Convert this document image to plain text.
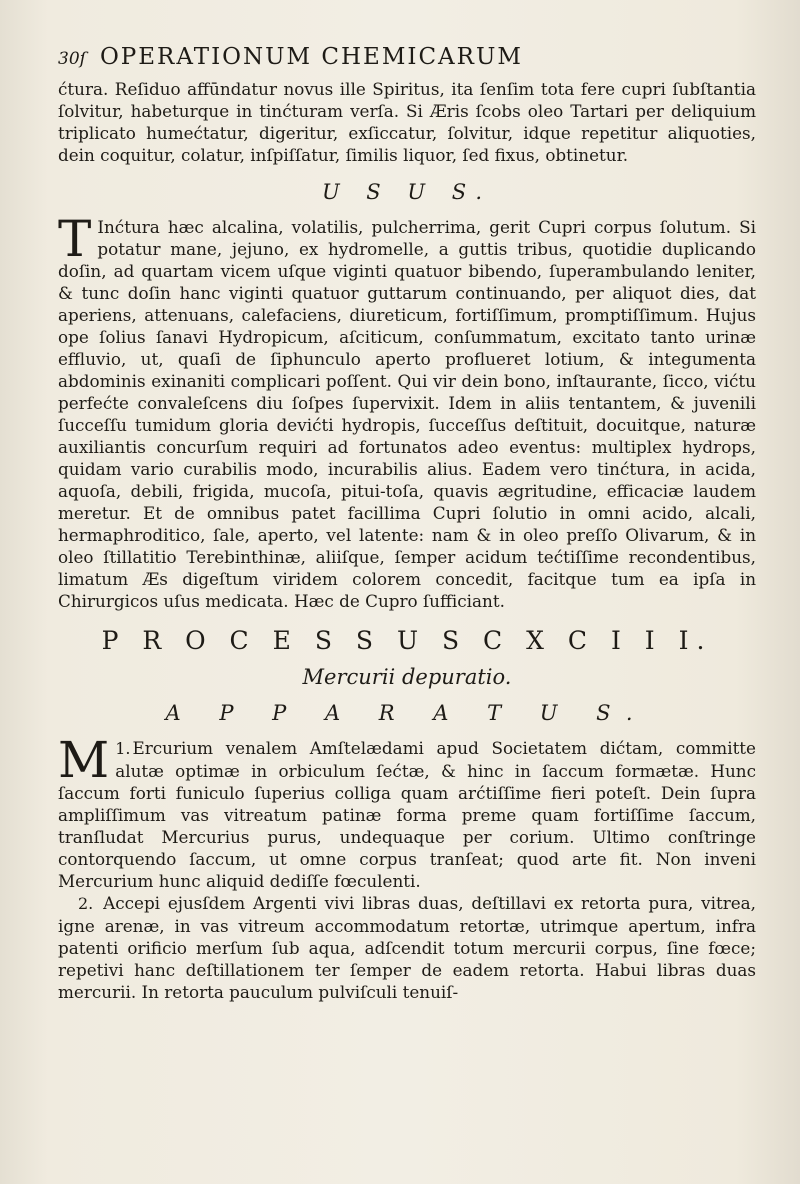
30ſ OPERATIONUM CHEMICARUM

ćtura. Reſiduo affūndatur novus ille Spiritus, ita ſenſim tota fere cupri ſubſtantia ſolvitur, habeturque in tinćturam verſa. Si Æris ſcobs oleo Tartari per deliquium triplicato humećtatur, digeritur, exſiccatur, ſolvitur, idque repetitur aliquoties, dein coquitur, colatur, inſpiſſatur, ſimilis liquor, ſed fixus, obtinetur.

U S U S.

T Inćtura hæc alcalina, volatilis, pulcherrima, gerit Cupri corpus ſolutum. Si potatur mane, jejuno, ex hydromelle, a guttis tribus, quotidie duplicando doſin, ad quartam vicem uſque viginti quatuor bibendo, ſuperambulando leniter, & tunc doſin hanc viginti quatuor guttarum continuando, per aliquot dies, dat aperiens, attenuans, calefaciens, diureticum, fortiſſimum, promptiſſimum. Hujus ope ſolius ſanavi Hydropicum, aſciticum, conſummatum, excitato tanto urinæ effluvio, ut, quaſi de ſiphunculo aperto proflueret lotium, & integumenta abdominis exinaniti complicari poſſent. Qui vir dein bono, inſtaurante, ſicco, vićtu perfećte convaleſcens diu ſoſpes ſupervixit. Idem in aliis tentantem, & juvenili ſucceſſu tumidum gloria devićti hydropis, ſucceſſus deſtituit, docuitque, naturæ auxiliantis concurſum requiri ad fortunatos adeo eventus: multiplex hydrops, quidam vario curabilis modo, incurabilis alius. Eadem vero tinćtura, in acida, aquoſa, debili, frigida, mucoſa, pitui-toſa, quavis ægritudine, efficaciæ laudem meretur. Et de omnibus patet facillima Cupri ſolutio in omni acido, alcali, hermaphroditico, ſale, aperto, vel latente: nam & in oleo preſſo Olivarum, & in oleo ſtillatitio Terebinthinæ, aliiſque, ſemper acidum tećtiſſime recondentibus, limatum Æs digeſtum viridem colorem concedit, facitque tum ea ipſa in Chirurgicos uſus medicata. Hæc de Cupro ſufficiant.

P R O C E S S U S C X C I I I.
Mercurii depuratio.
A P P A R A T U S.

1.
M Ercurium venalem Amſtelædami apud Societatem dićtam, committe alutæ optimæ in orbiculum ſećtæ, & hinc in ſaccum formætæ. Hunc ſaccum forti funiculo ſuperius colliga quam arćtiſſime fieri poteſt. Dein ſupra ampliſſimum vas vitreatum patinæ forma preme quam fortiſſime ſaccum, tranſludat Mercurius purus, undequaque per corium. Ultimo conſtringe contorquendo ſaccum, ut omne corpus tranſeat; quod arte fit. Non inveni Mercurium hunc aliquid dediſſe fœculenti.

2. Accepi ejusſdem Argenti vivi libras duas, deſtillavi ex retorta pura, vitrea, igne arenæ, in vas vitreum accommodatum retortæ, utrimque apertum, infra patenti orificio merſum ſub aqua, adſcendit totum mercurii corpus, ſine fœce; repetivi hanc deſtillationem ter ſemper de eadem retorta. Habui libras duas mercurii. In retorta pauculum pulviſculi tenuiſ-
